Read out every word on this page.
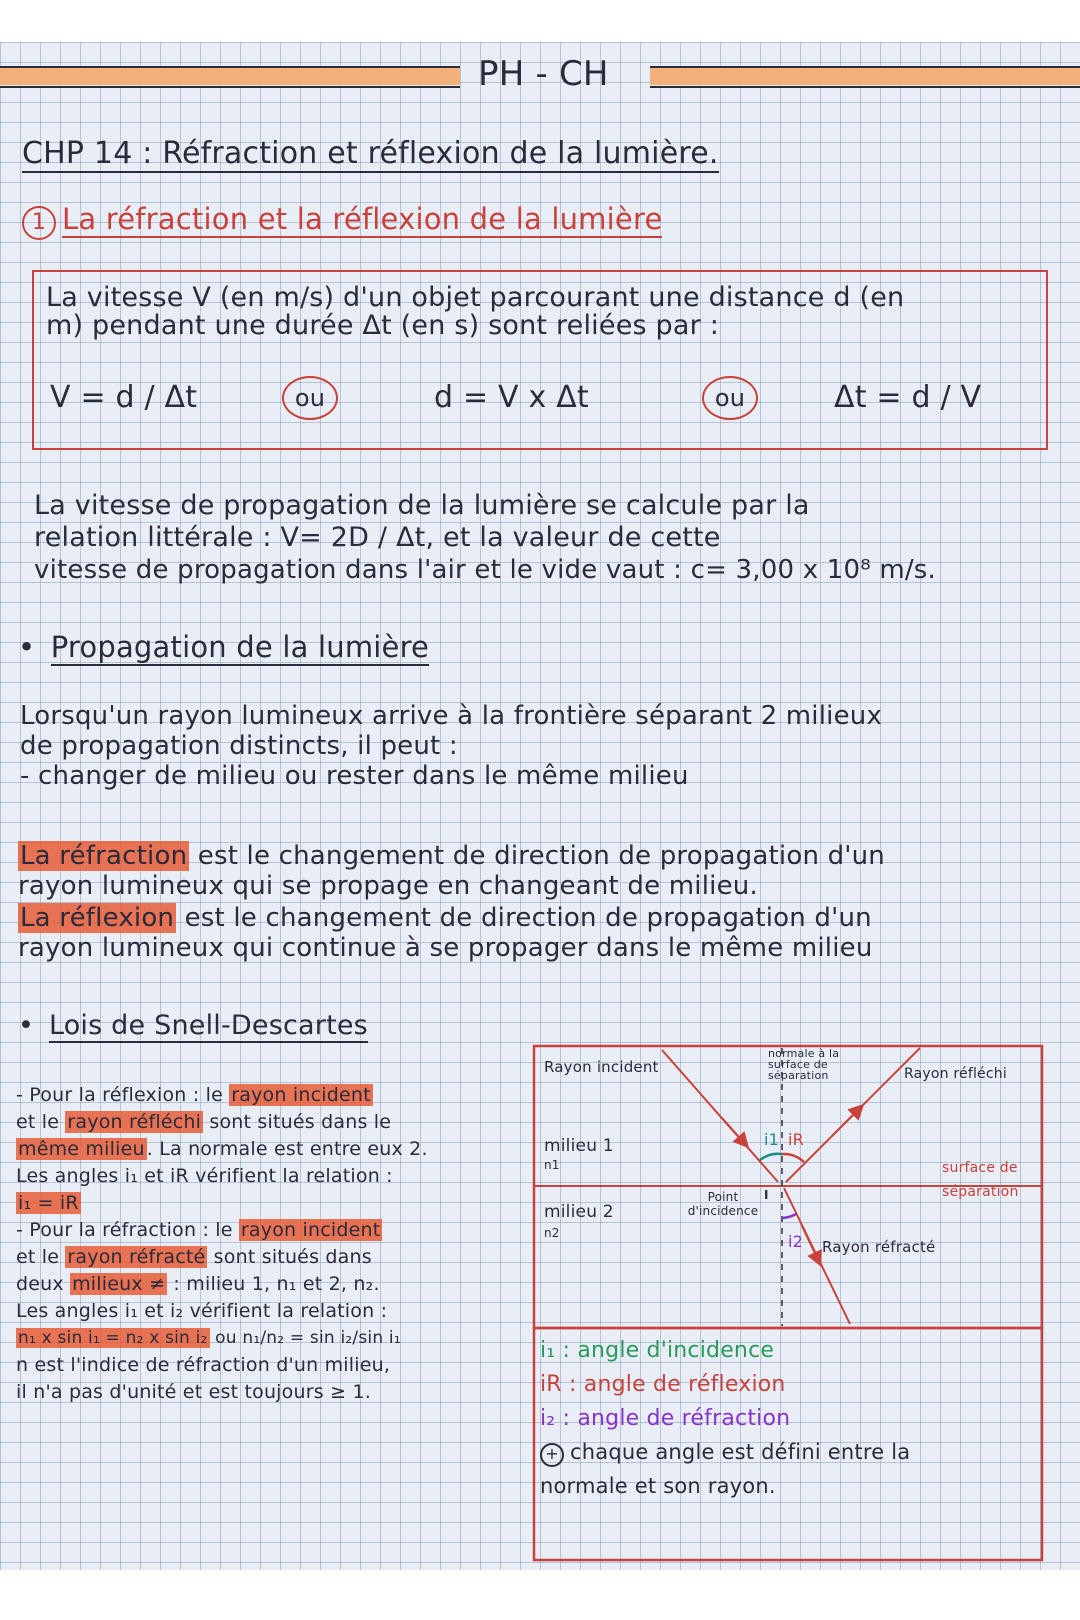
PH - CH
CHP 14 : Réfraction et réflexion de la lumière.
1 La réfraction et la réflexion de la lumière
La vitesse V (en m/s) d'un objet parcourant une distance d (en
m) pendant une durée Δt (en s) sont reliées par :
V = d / Δt	ou	d = V x Δt	ou	Δt = d / V
La vitesse de propagation de la lumière se calcule par la
relation littérale : V= 2D / Δt, et la valeur de cette
vitesse de propagation dans l'air et le vide vaut : c= 3,00 x 10⁸ m/s.
• Propagation de la lumière
Lorsqu'un rayon lumineux arrive à la frontière séparant 2 milieux
de propagation distincts, il peut :
- changer de milieu ou rester dans le même milieu
La réfraction est le changement de direction de propagation d'un
rayon lumineux qui se propage en changeant de milieu.
La réflexion est le changement de direction de propagation d'un
rayon lumineux qui continue à se propager dans le même milieu
• Lois de Snell-Descartes
- Pour la réflexion : le rayon incident
et le rayon réfléchi sont situés dans le
même milieu . La normale est entre eux 2.
Les angles i₁ et iR vérifient la relation :
i₁ = iR
- Pour la réfraction : le rayon incident
et le rayon réfracté sont situés dans
deux milieux ≠ : milieu 1, n₁ et 2, n₂.
Les angles i₁ et i₂ vérifient la relation :
n₁ x sin i₁ = n₂ x sin i₂ ou n₁/n₂ = sin i₂/sin i₁
n est l'indice de réfraction d'un milieu,
il n'a pas d'unité et est toujours ≥ 1.
Rayon incident
normale à la surface de séparation	Rayon réfléchi
milieu 1
n1
milieu 2
n2
surface de séparation
Point d'incidence
I
i1 iR
i2 Rayon réfracté
i₁ : angle d'incidence
iR : angle de réflexion
i₂ : angle de réfraction
+ chaque angle est défini entre la
normale et son rayon.
